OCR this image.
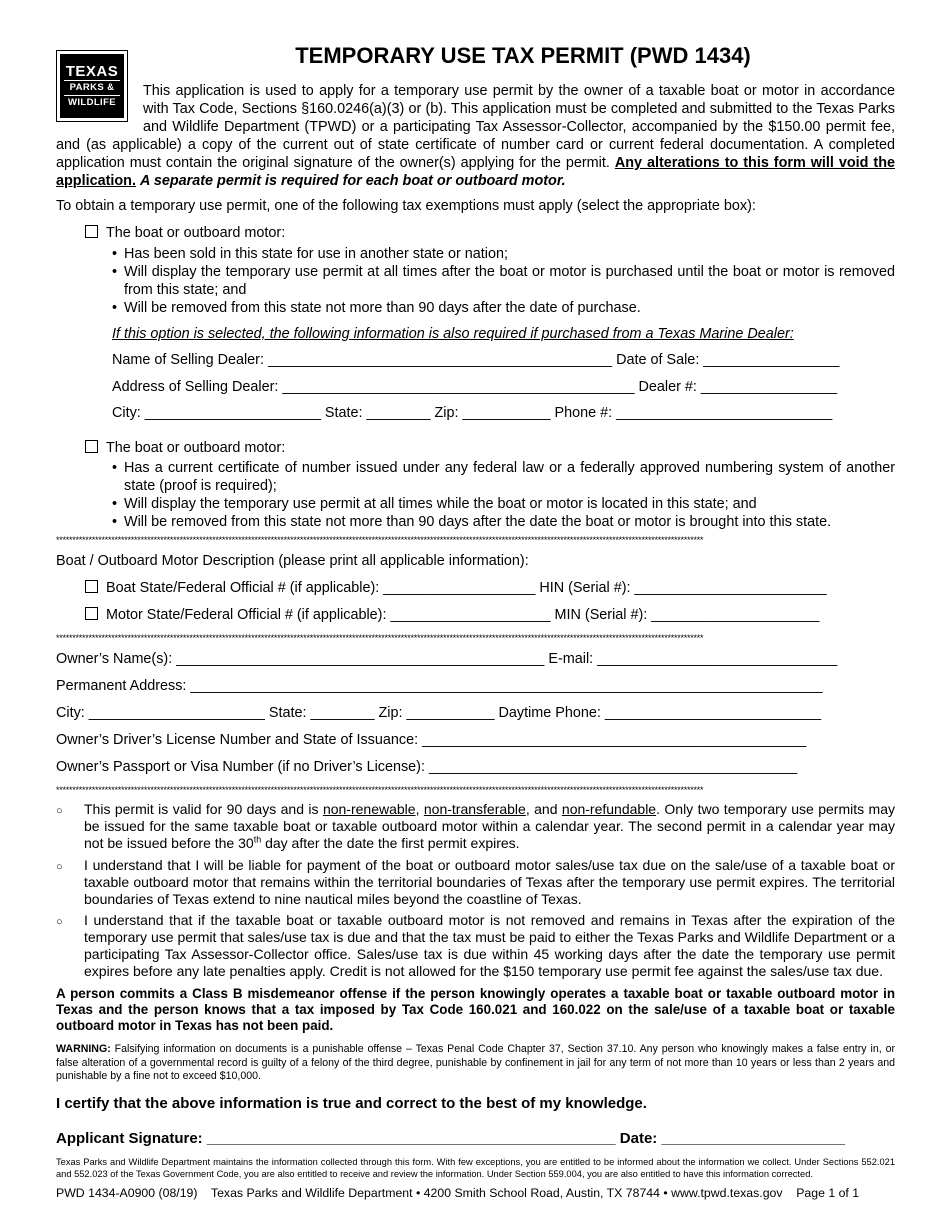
TEXAS
PARKS &
WILDLIFE
TEMPORARY USE TAX PERMIT (PWD 1434)

This application is used to apply for a temporary use permit by the owner of a taxable boat or motor in accordance with Tax Code, Sections §160.0246(a)(3) or (b). This application must be completed and submitted to the Texas Parks and Wildlife Department (TPWD) or a participating Tax Assessor-Collector, accompanied by the $150.00 permit fee, and (as applicable) a copy of the current out of state certificate of number card or current federal documentation. A completed application must contain the original signature of the owner(s) applying for the permit. Any alterations to this form will void the application. A separate permit is required for each boat or outboard motor.

To obtain a temporary use permit, one of the following tax exemptions must apply (select the appropriate box):
The boat or outboard motor:
• Has been sold in this state for use in another state or nation;
• Will display the temporary use permit at all times after the boat or motor is purchased until the boat or motor is removed from this state; and
• Will be removed from this state not more than 90 days after the date of purchase.
If this option is selected, the following information is also required if purchased from a Texas Marine Dealer:
Name of Selling Dealer: ___________________________________________ Date of Sale: _________________
Address of Selling Dealer: ____________________________________________ Dealer #: _________________
City: ______________________ State: ________ Zip: ___________ Phone #: ___________________________
The boat or outboard motor:
• Has a current certificate of number issued under any federal law or a federally approved numbering system of another state (proof is required);
• Will display the temporary use permit at all times while the boat or motor is located in this state; and
• Will be removed from this state not more than 90 days after the date the boat or motor is brought into this state.
*******************************************************************************************************************************************************************************************************
Boat / Outboard Motor Description (please print all applicable information):
Boat State/Federal Official # (if applicable): ___________________ HIN (Serial #): ________________________
Motor State/Federal Official # (if applicable): ____________________ MIN (Serial #): _____________________
*******************************************************************************************************************************************************************************************************
Owner’s Name(s): ______________________________________________ E-mail: ______________________________
Permanent Address: _______________________________________________________________________________
City: ______________________ State: ________ Zip: ___________ Daytime Phone: ___________________________
Owner’s Driver’s License Number and State of Issuance: ________________________________________________
Owner’s Passport or Visa Number (if no Driver’s License): ______________________________________________
*******************************************************************************************************************************************************************************************************
○ This permit is valid for 90 days and is non-renewable, non-transferable, and non-refundable. Only two temporary use permits may be issued for the same taxable boat or taxable outboard motor within a calendar year. The second permit in a calendar year may not be issued before the 30th day after the date the first permit expires.
○ I understand that I will be liable for payment of the boat or outboard motor sales/use tax due on the sale/use of a taxable boat or taxable outboard motor that remains within the territorial boundaries of Texas after the temporary use permit expires. The territorial boundaries of Texas extend to nine nautical miles beyond the coastline of Texas.
○ I understand that if the taxable boat or taxable outboard motor is not removed and remains in Texas after the expiration of the temporary use permit that sales/use tax is due and that the tax must be paid to either the Texas Parks and Wildlife Department or a participating Tax Assessor-Collector office. Sales/use tax is due within 45 working days after the date the temporary use permit expires before any late penalties apply. Credit is not allowed for the $150 temporary use permit fee against the sales/use tax due.
A person commits a Class B misdemeanor offense if the person knowingly operates a taxable boat or taxable outboard motor in Texas and the person knows that a tax imposed by Tax Code 160.021 and 160.022 on the sale/use of a taxable boat or taxable outboard motor in Texas has not been paid.
WARNING: Falsifying information on documents is a punishable offense – Texas Penal Code Chapter 37, Section 37.10. Any person who knowingly makes a false entry in, or false alteration of a governmental record is guilty of a felony of the third degree, punishable by confinement in jail for any term of not more than 10 years or less than 2 years and punishable by a fine not to exceed $10,000.
I certify that the above information is true and correct to the best of my knowledge.
Applicant Signature: _________________________________________________ Date: ______________________
Texas Parks and Wildlife Department maintains the information collected through this form. With few exceptions, you are entitled to be informed about the information we collect. Under Sections 552.021 and 552.023 of the Texas Government Code, you are also entitled to receive and review the information. Under Section 559.004, you are also entitled to have this information corrected.
PWD 1434-A0900 (08/19)    Texas Parks and Wildlife Department • 4200 Smith School Road, Austin, TX 78744 • www.tpwd.texas.gov    Page 1 of 1
